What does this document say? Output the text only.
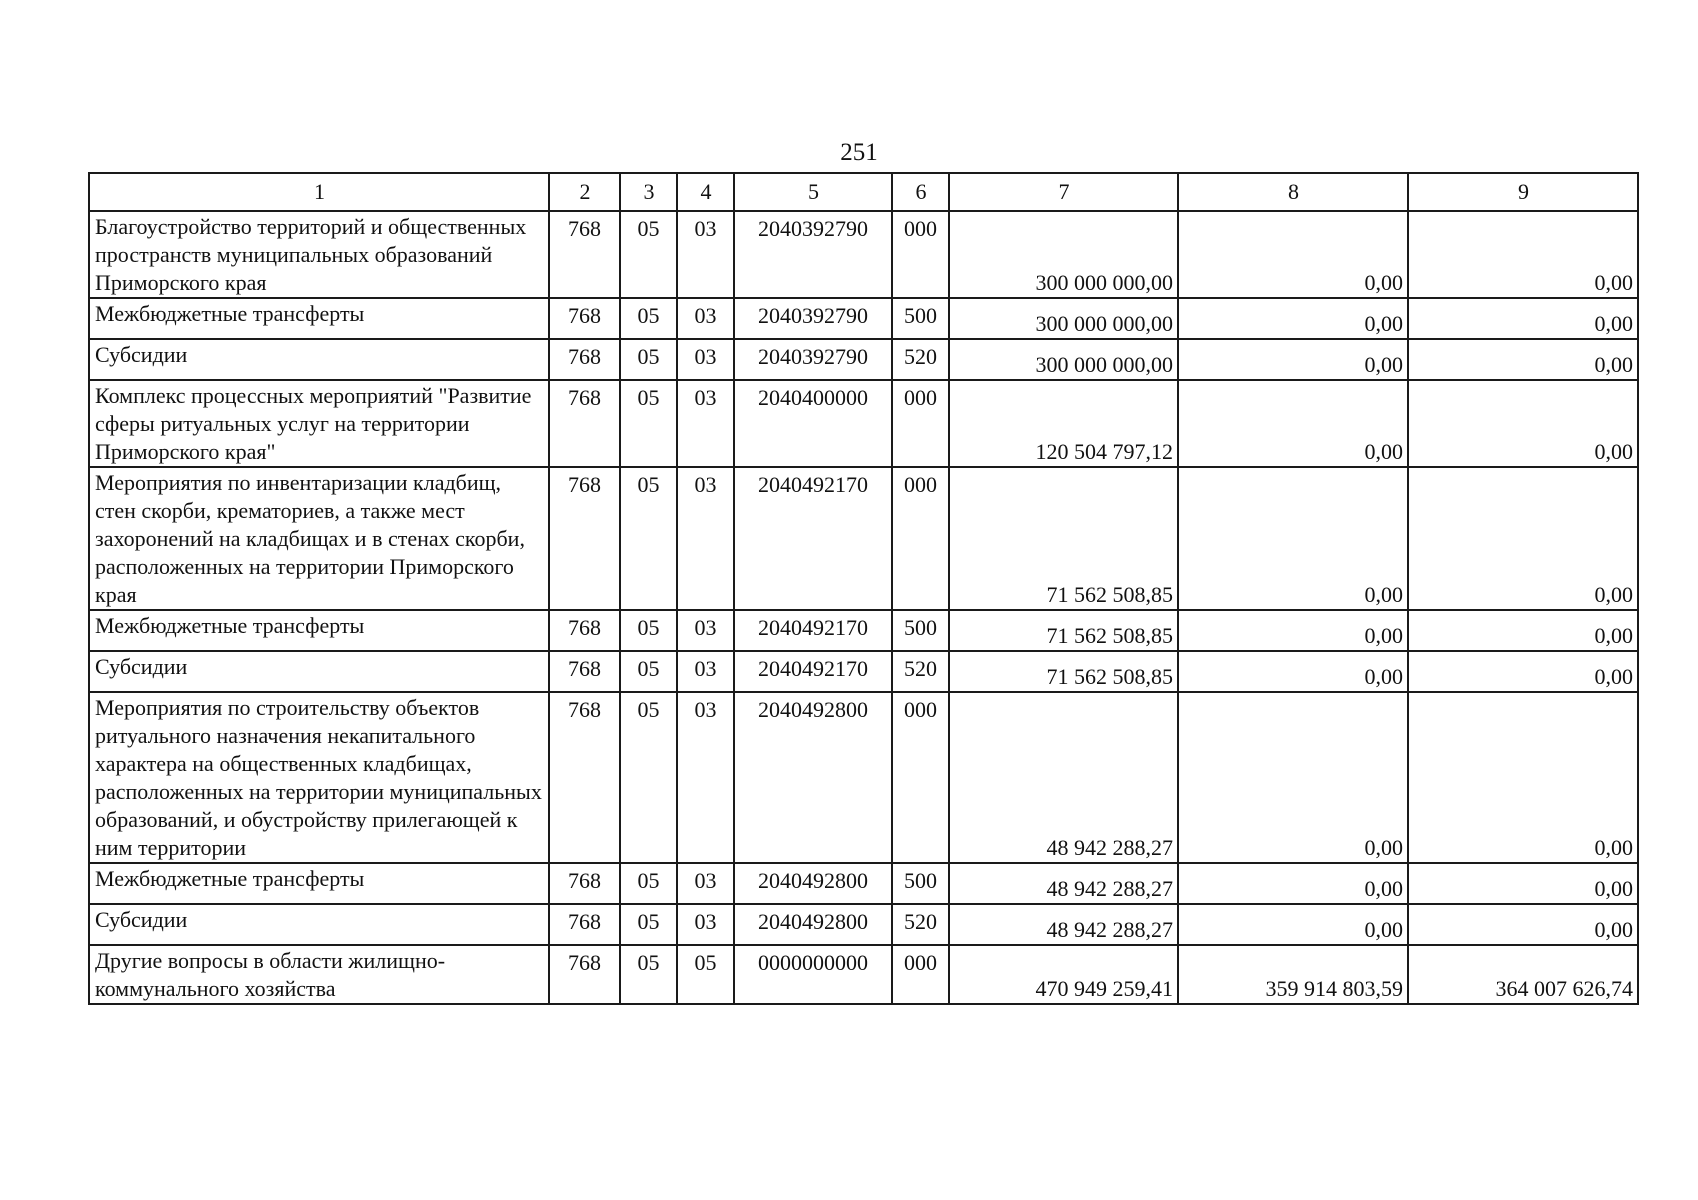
251
1	2	3	4	5	6	7	8	9
Благоустройство территорий и общественных пространств муниципальных образований Приморского края	768	05	03	2040392790	000	300 000 000,00	0,00	0,00
Межбюджетные трансферты	768	05	03	2040392790	500	300 000 000,00	0,00	0,00
Субсидии	768	05	03	2040392790	520	300 000 000,00	0,00	0,00
Комплекс процессных мероприятий "Развитие сферы ритуальных услуг на территории Приморского края"	768	05	03	2040400000	000	120 504 797,12	0,00	0,00
Мероприятия по инвентаризации кладбищ, стен скорби, крематориев, а также мест захоронений на кладбищах и в стенах скорби, расположенных на территории Приморского края	768	05	03	2040492170	000	71 562 508,85	0,00	0,00
Межбюджетные трансферты	768	05	03	2040492170	500	71 562 508,85	0,00	0,00
Субсидии	768	05	03	2040492170	520	71 562 508,85	0,00	0,00
Мероприятия по строительству объектов ритуального назначения некапитального характера на общественных кладбищах, расположенных на территории муниципальных образований, и обустройству прилегающей к ним территории	768	05	03	2040492800	000	48 942 288,27	0,00	0,00
Межбюджетные трансферты	768	05	03	2040492800	500	48 942 288,27	0,00	0,00
Субсидии	768	05	03	2040492800	520	48 942 288,27	0,00	0,00
Другие вопросы в области жилищно-коммунального хозяйства	768	05	05	0000000000	000	470 949 259,41	359 914 803,59	364 007 626,74
